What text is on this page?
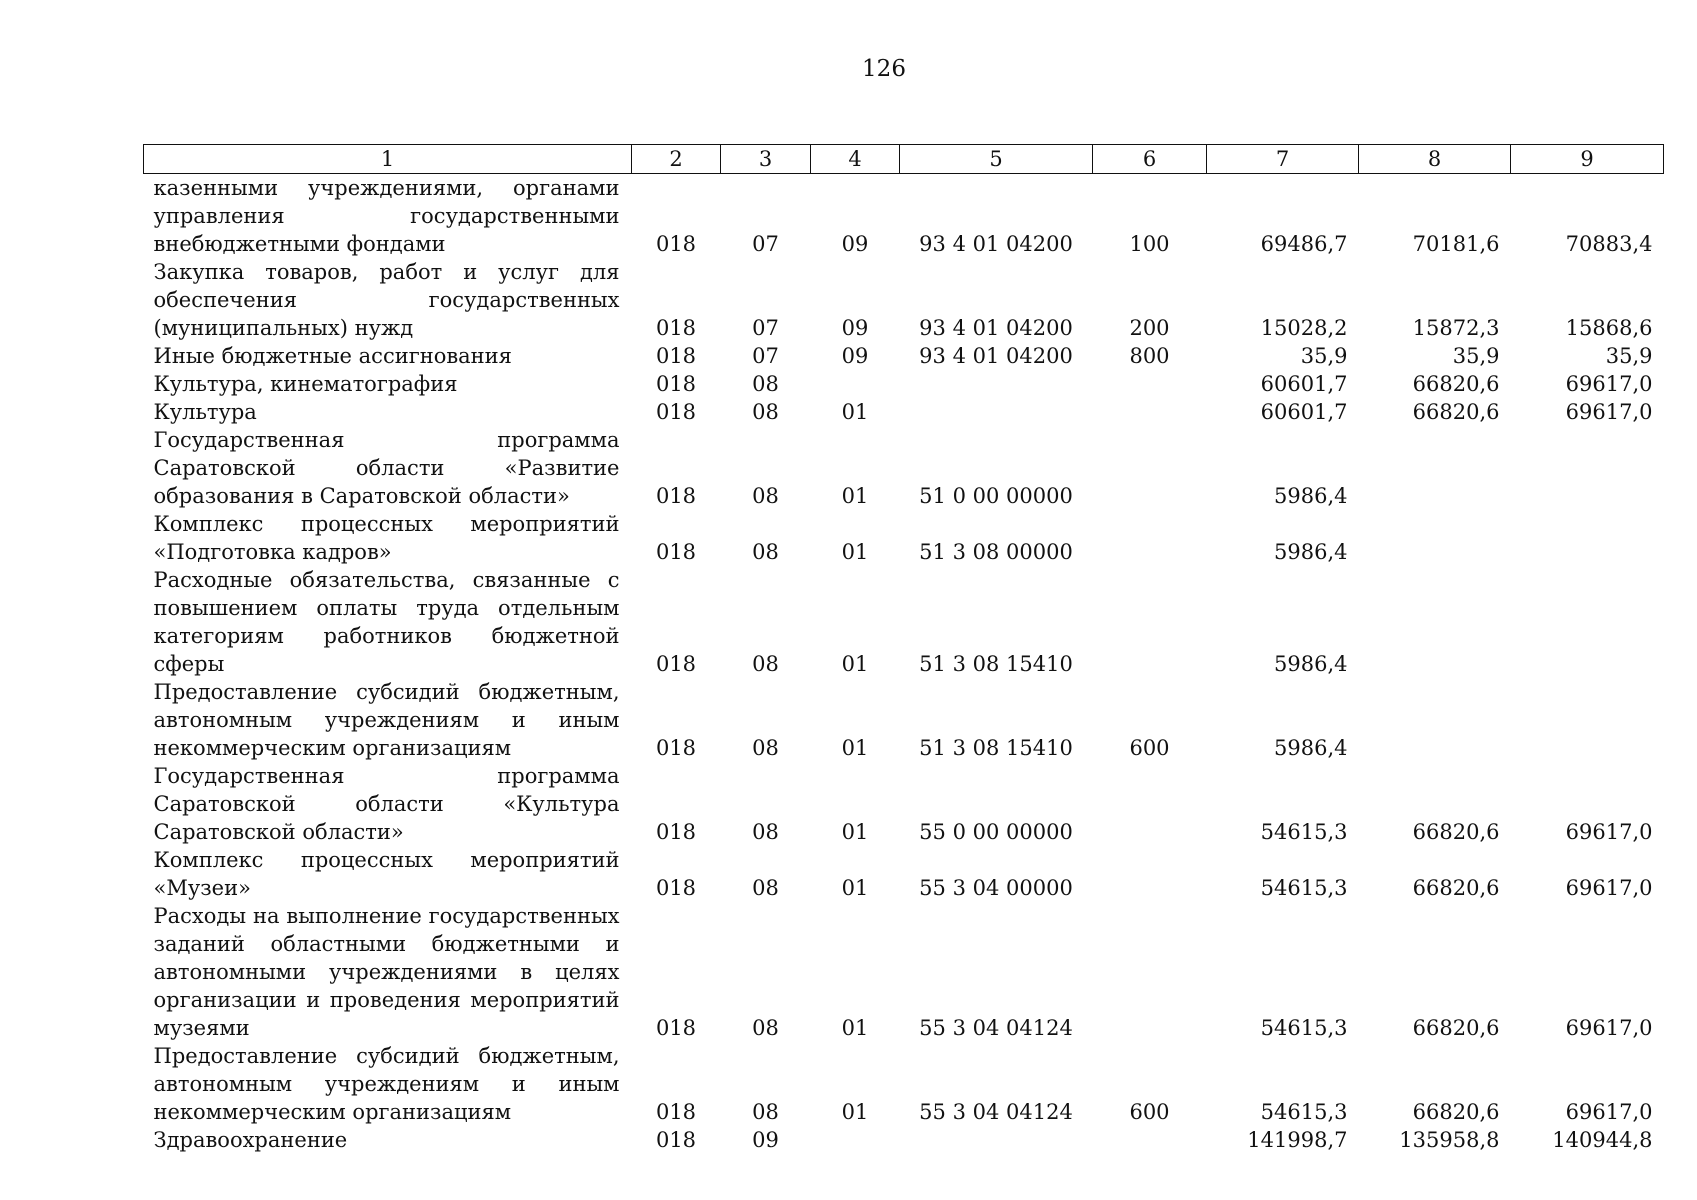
126
1	2	3	4	5	6	7	8	9
казенными учреждениями, органами управления государственными внебюджетными фондами	018	07	09	93 4 01 04200	100	69486,7	70181,6	70883,4
Закупка товаров, работ и услуг для обеспечения государственных (муниципальных) нужд	018	07	09	93 4 01 04200	200	15028,2	15872,3	15868,6
Иные бюджетные ассигнования	018	07	09	93 4 01 04200	800	35,9	35,9	35,9
Культура, кинематография	018	08				60601,7	66820,6	69617,0
Культура	018	08	01			60601,7	66820,6	69617,0
Государственная программа Саратовской области «Развитие образования в Саратовской области»	018	08	01	51 0 00 00000		5986,4		
Комплекс процессных мероприятий «Подготовка кадров»	018	08	01	51 3 08 00000		5986,4		
Расходные обязательства, связанные с повышением оплаты труда отдельным категориям работников бюджетной сферы	018	08	01	51 3 08 15410		5986,4		
Предоставление субсидий бюджетным, автономным учреждениям и иным некоммерческим организациям	018	08	01	51 3 08 15410	600	5986,4		
Государственная программа Саратовской области «Культура Саратовской области»	018	08	01	55 0 00 00000		54615,3	66820,6	69617,0
Комплекс процессных мероприятий «Музеи»	018	08	01	55 3 04 00000		54615,3	66820,6	69617,0
Расходы на выполнение государственных заданий областными бюджетными и автономными учреждениями в целях организации и проведения мероприятий музеями	018	08	01	55 3 04 04124		54615,3	66820,6	69617,0
Предоставление субсидий бюджетным, автономным учреждениям и иным некоммерческим организациям	018	08	01	55 3 04 04124	600	54615,3	66820,6	69617,0
Здравоохранение	018	09				141998,7	135958,8	140944,8
